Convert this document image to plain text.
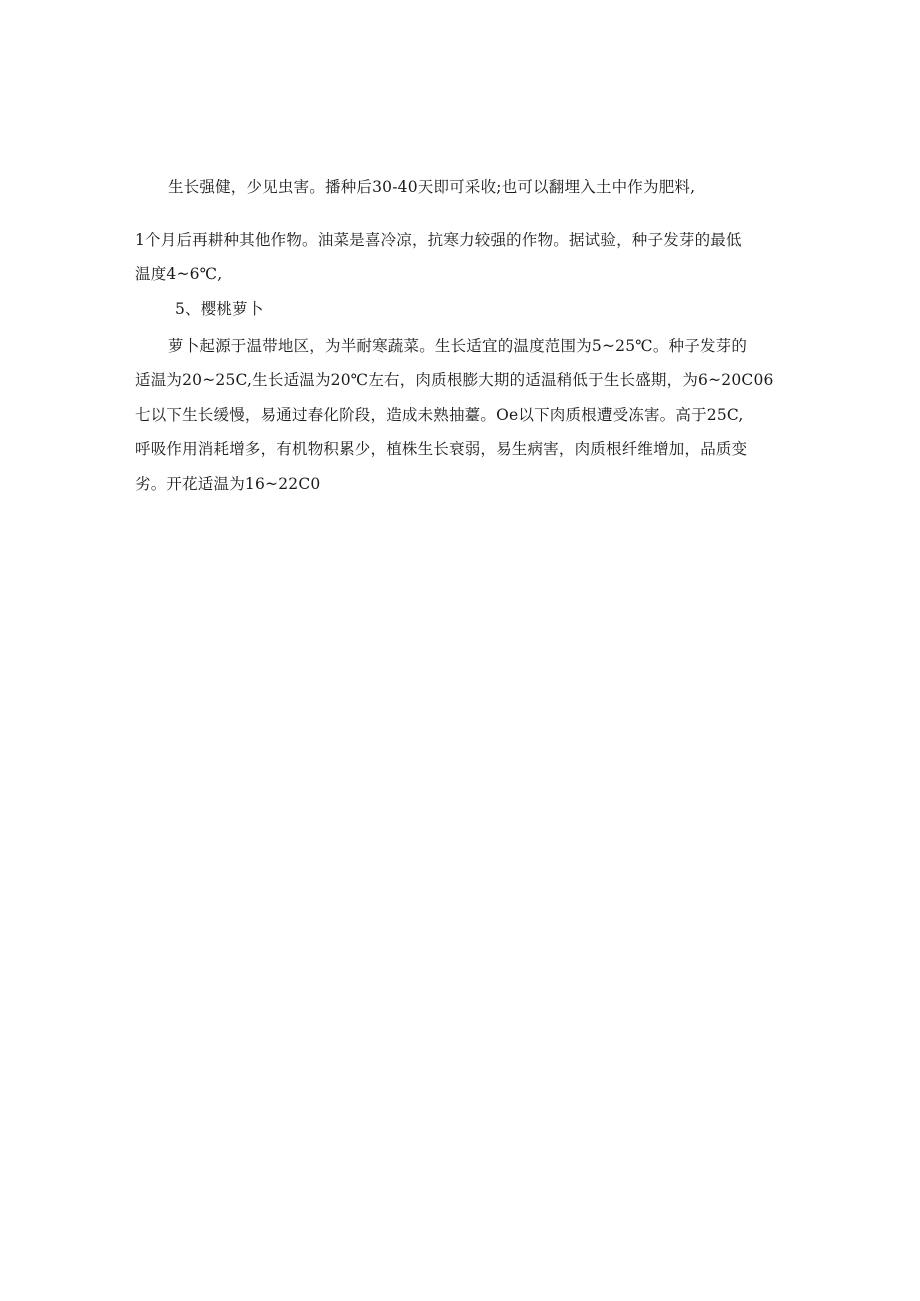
生长强健，少见虫害。播种后30-40天即可采收;也可以翻埋入土中作为肥料,
1个月后再耕种其他作物。油菜是喜冷凉，抗寒力较强的作物。据试验，种子发芽的最低
温度4~6℃,
5、樱桃萝卜
萝卜起源于温带地区，为半耐寒蔬菜。生长适宜的温度范围为5~25℃。种子发芽的
适温为20~25C,生长适温为20℃左右，肉质根膨大期的适温稍低于生长盛期，为6~20C06
七以下生长缓慢，易通过春化阶段，造成未熟抽薹。Oe以下肉质根遭受冻害。高于25C,
呼吸作用消耗增多，有机物积累少，植株生长衰弱，易生病害，肉质根纤维增加，品质变
劣。开花适温为16~22C0
